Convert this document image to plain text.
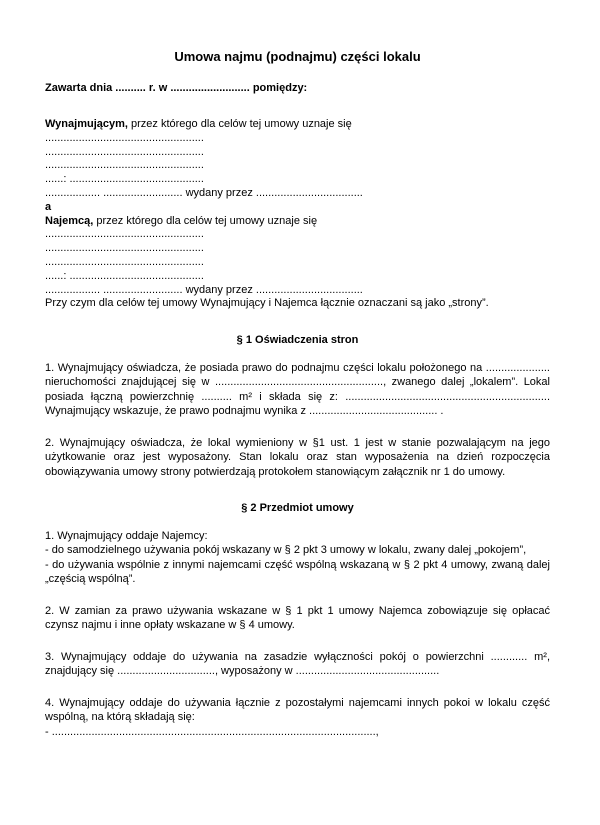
Umowa najmu (podnajmu) części lokalu

Zawarta dnia .......... r. w .......................... pomiędzy:

Wynajmującym, przez którego dla celów tej umowy uznaje się

....................................................

....................................................

....................................................

......: ............................................

.................. .......................... wydany przez ...................................

a

Najemcą, przez którego dla celów tej umowy uznaje się

....................................................

....................................................

....................................................

......: ............................................

.................. .......................... wydany przez ...................................

Przy czym dla celów tej umowy Wynajmujący i Najemca łącznie oznaczani są jako „strony”.

§ 1 Oświadczenia stron

1. Wynajmujący oświadcza, że posiada prawo do podnajmu części lokalu położonego na ..................... nieruchomości znajdującej się w ......................................................., zwanego dalej „lokalem”. Lokal posiada łączną powierzchnię .......... m² i składa się z: ................................................................... Wynajmujący wskazuje, że prawo podnajmu wynika z .......................................... .

2. Wynajmujący oświadcza, że lokal wymieniony w §1 ust. 1 jest w stanie pozwalającym na jego użytkowanie oraz jest wyposażony. Stan lokalu oraz stan wyposażenia na dzień rozpoczęcia obowiązywania umowy strony potwierdzają protokołem stanowiącym załącznik nr 1 do umowy.

§ 2 Przedmiot umowy

1. Wynajmujący oddaje Najemcy:

- do samodzielnego używania pokój wskazany w § 2 pkt 3 umowy w lokalu, zwany dalej „pokojem”,

- do używania wspólnie z innymi najemcami część wspólną wskazaną w § 2 pkt 4 umowy, zwaną dalej „częścią wspólną”.

2. W zamian za prawo używania wskazane w § 1 pkt 1 umowy Najemca zobowiązuje się opłacać czynsz najmu i inne opłaty wskazane w § 4 umowy.

3. Wynajmujący oddaje do używania na zasadzie wyłączności pokój o powierzchni ............ m², znajdujący się ................................, wyposażony w ...............................................

4. Wynajmujący oddaje do używania łącznie z pozostałymi najemcami innych pokoi w lokalu część wspólną, na którą składają się:

- ..........................................................................................................,
